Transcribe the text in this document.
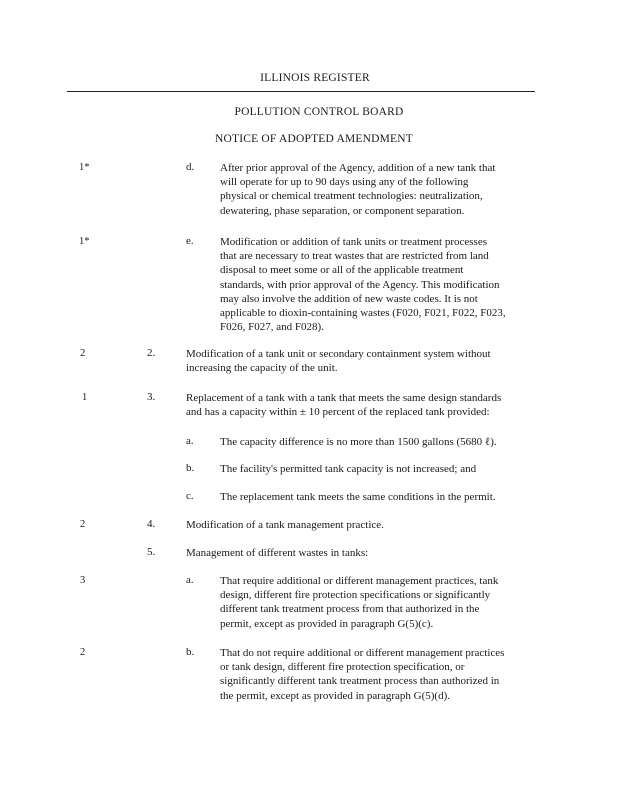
ILLINOIS REGISTER
POLLUTION CONTROL BOARD
NOTICE OF ADOPTED AMENDMENT
1*	d. After prior approval of the Agency, addition of a new tank that
will operate for up to 90 days using any of the following
physical or chemical treatment technologies: neutralization,
dewatering, phase separation, or component separation.
1*	e. Modification or addition of tank units or treatment processes
that are necessary to treat wastes that are restricted from land
disposal to meet some or all of the applicable treatment
standards, with prior approval of the Agency. This modification
may also involve the addition of new waste codes. It is not
applicable to dioxin-containing wastes (F020, F021, F022, F023,
F026, F027, and F028).
2	2.	Modification of a tank unit or secondary containment system without
increasing the capacity of the unit.
1	3.	Replacement of a tank with a tank that meets the same design standards
and has a capacity within ± 10 percent of the replaced tank provided:
a. The capacity difference is no more than 1500 gallons (5680 ℓ).
b. The facility's permitted tank capacity is not increased; and
c. The replacement tank meets the same conditions in the permit.
2	4.	Modification of a tank management practice.
5.	Management of different wastes in tanks:
3	a. That require additional or different management practices, tank
design, different fire protection specifications or significantly
different tank treatment process from that authorized in the
permit, except as provided in paragraph G(5)(c).
2	b. That do not require additional or different management practices
or tank design, different fire protection specification, or
significantly different tank treatment process than authorized in
the permit, except as provided in paragraph G(5)(d).
